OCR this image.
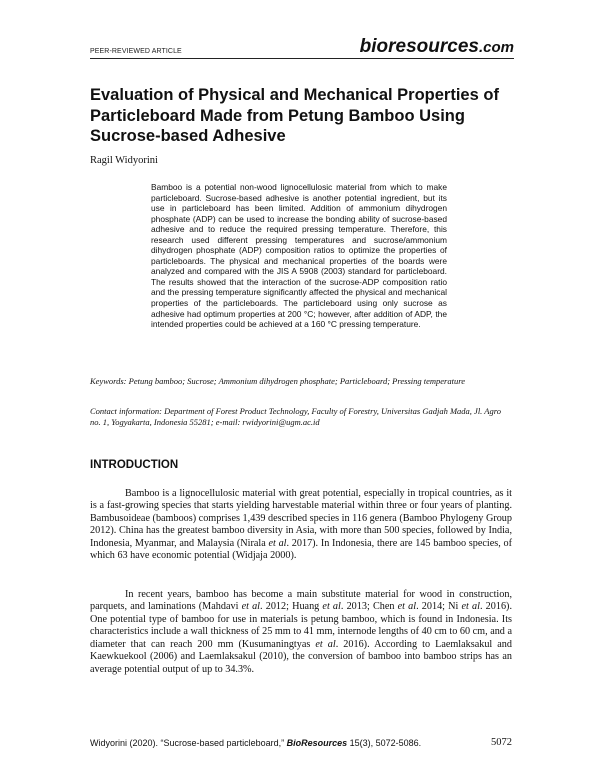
PEER-REVIEWED ARTICLE	bioresources.com
Evaluation of Physical and Mechanical Properties of Particleboard Made from Petung Bamboo Using Sucrose-based Adhesive
Ragil Widyorini
Bamboo is a potential non-wood lignocellulosic material from which to make particleboard. Sucrose-based adhesive is another potential ingredient, but its use in particleboard has been limited. Addition of ammonium dihydrogen phosphate (ADP) can be used to increase the bonding ability of sucrose-based adhesive and to reduce the required pressing temperature. Therefore, this research used different pressing temperatures and sucrose/ammonium dihydrogen phosphate (ADP) composition ratios to optimize the properties of particleboards. The physical and mechanical properties of the boards were analyzed and compared with the JIS A 5908 (2003) standard for particleboard. The results showed that the interaction of the sucrose-ADP composition ratio and the pressing temperature significantly affected the physical and mechanical properties of the particleboards. The particleboard using only sucrose as adhesive had optimum properties at 200 °C; however, after addition of ADP, the intended properties could be achieved at a 160 °C pressing temperature.
Keywords: Petung bamboo; Sucrose; Ammonium dihydrogen phosphate; Particleboard; Pressing temperature
Contact information: Department of Forest Product Technology, Faculty of Forestry, Universitas Gadjah Mada, Jl. Agro no. 1, Yogyakarta, Indonesia 55281; e-mail: rwidyorini@ugm.ac.id
INTRODUCTION
Bamboo is a lignocellulosic material with great potential, especially in tropical countries, as it is a fast-growing species that starts yielding harvestable material within three or four years of planting. Bambusoideae (bamboos) comprises 1,439 described species in 116 genera (Bamboo Phylogeny Group 2012). China has the greatest bamboo diversity in Asia, with more than 500 species, followed by India, Indonesia, Myanmar, and Malaysia (Nirala et al. 2017). In Indonesia, there are 145 bamboo species, of which 63 have economic potential (Widjaja 2000).
In recent years, bamboo has become a main substitute material for wood in construction, parquets, and laminations (Mahdavi et al. 2012; Huang et al. 2013; Chen et al. 2014; Ni et al. 2016). One potential type of bamboo for use in materials is petung bamboo, which is found in Indonesia. Its characteristics include a wall thickness of 25 mm to 41 mm, internode lengths of 40 cm to 60 cm, and a diameter that can reach 200 mm (Kusumaningtyas et al. 2016). According to Laemlaksakul and Kaewkuekool (2006) and Laemlaksakul (2010), the conversion of bamboo into bamboo strips has an average potential output of up to 34.3%.
Widyorini (2020). “Sucrose-based particleboard,” BioResources 15(3), 5072-5086.	5072
